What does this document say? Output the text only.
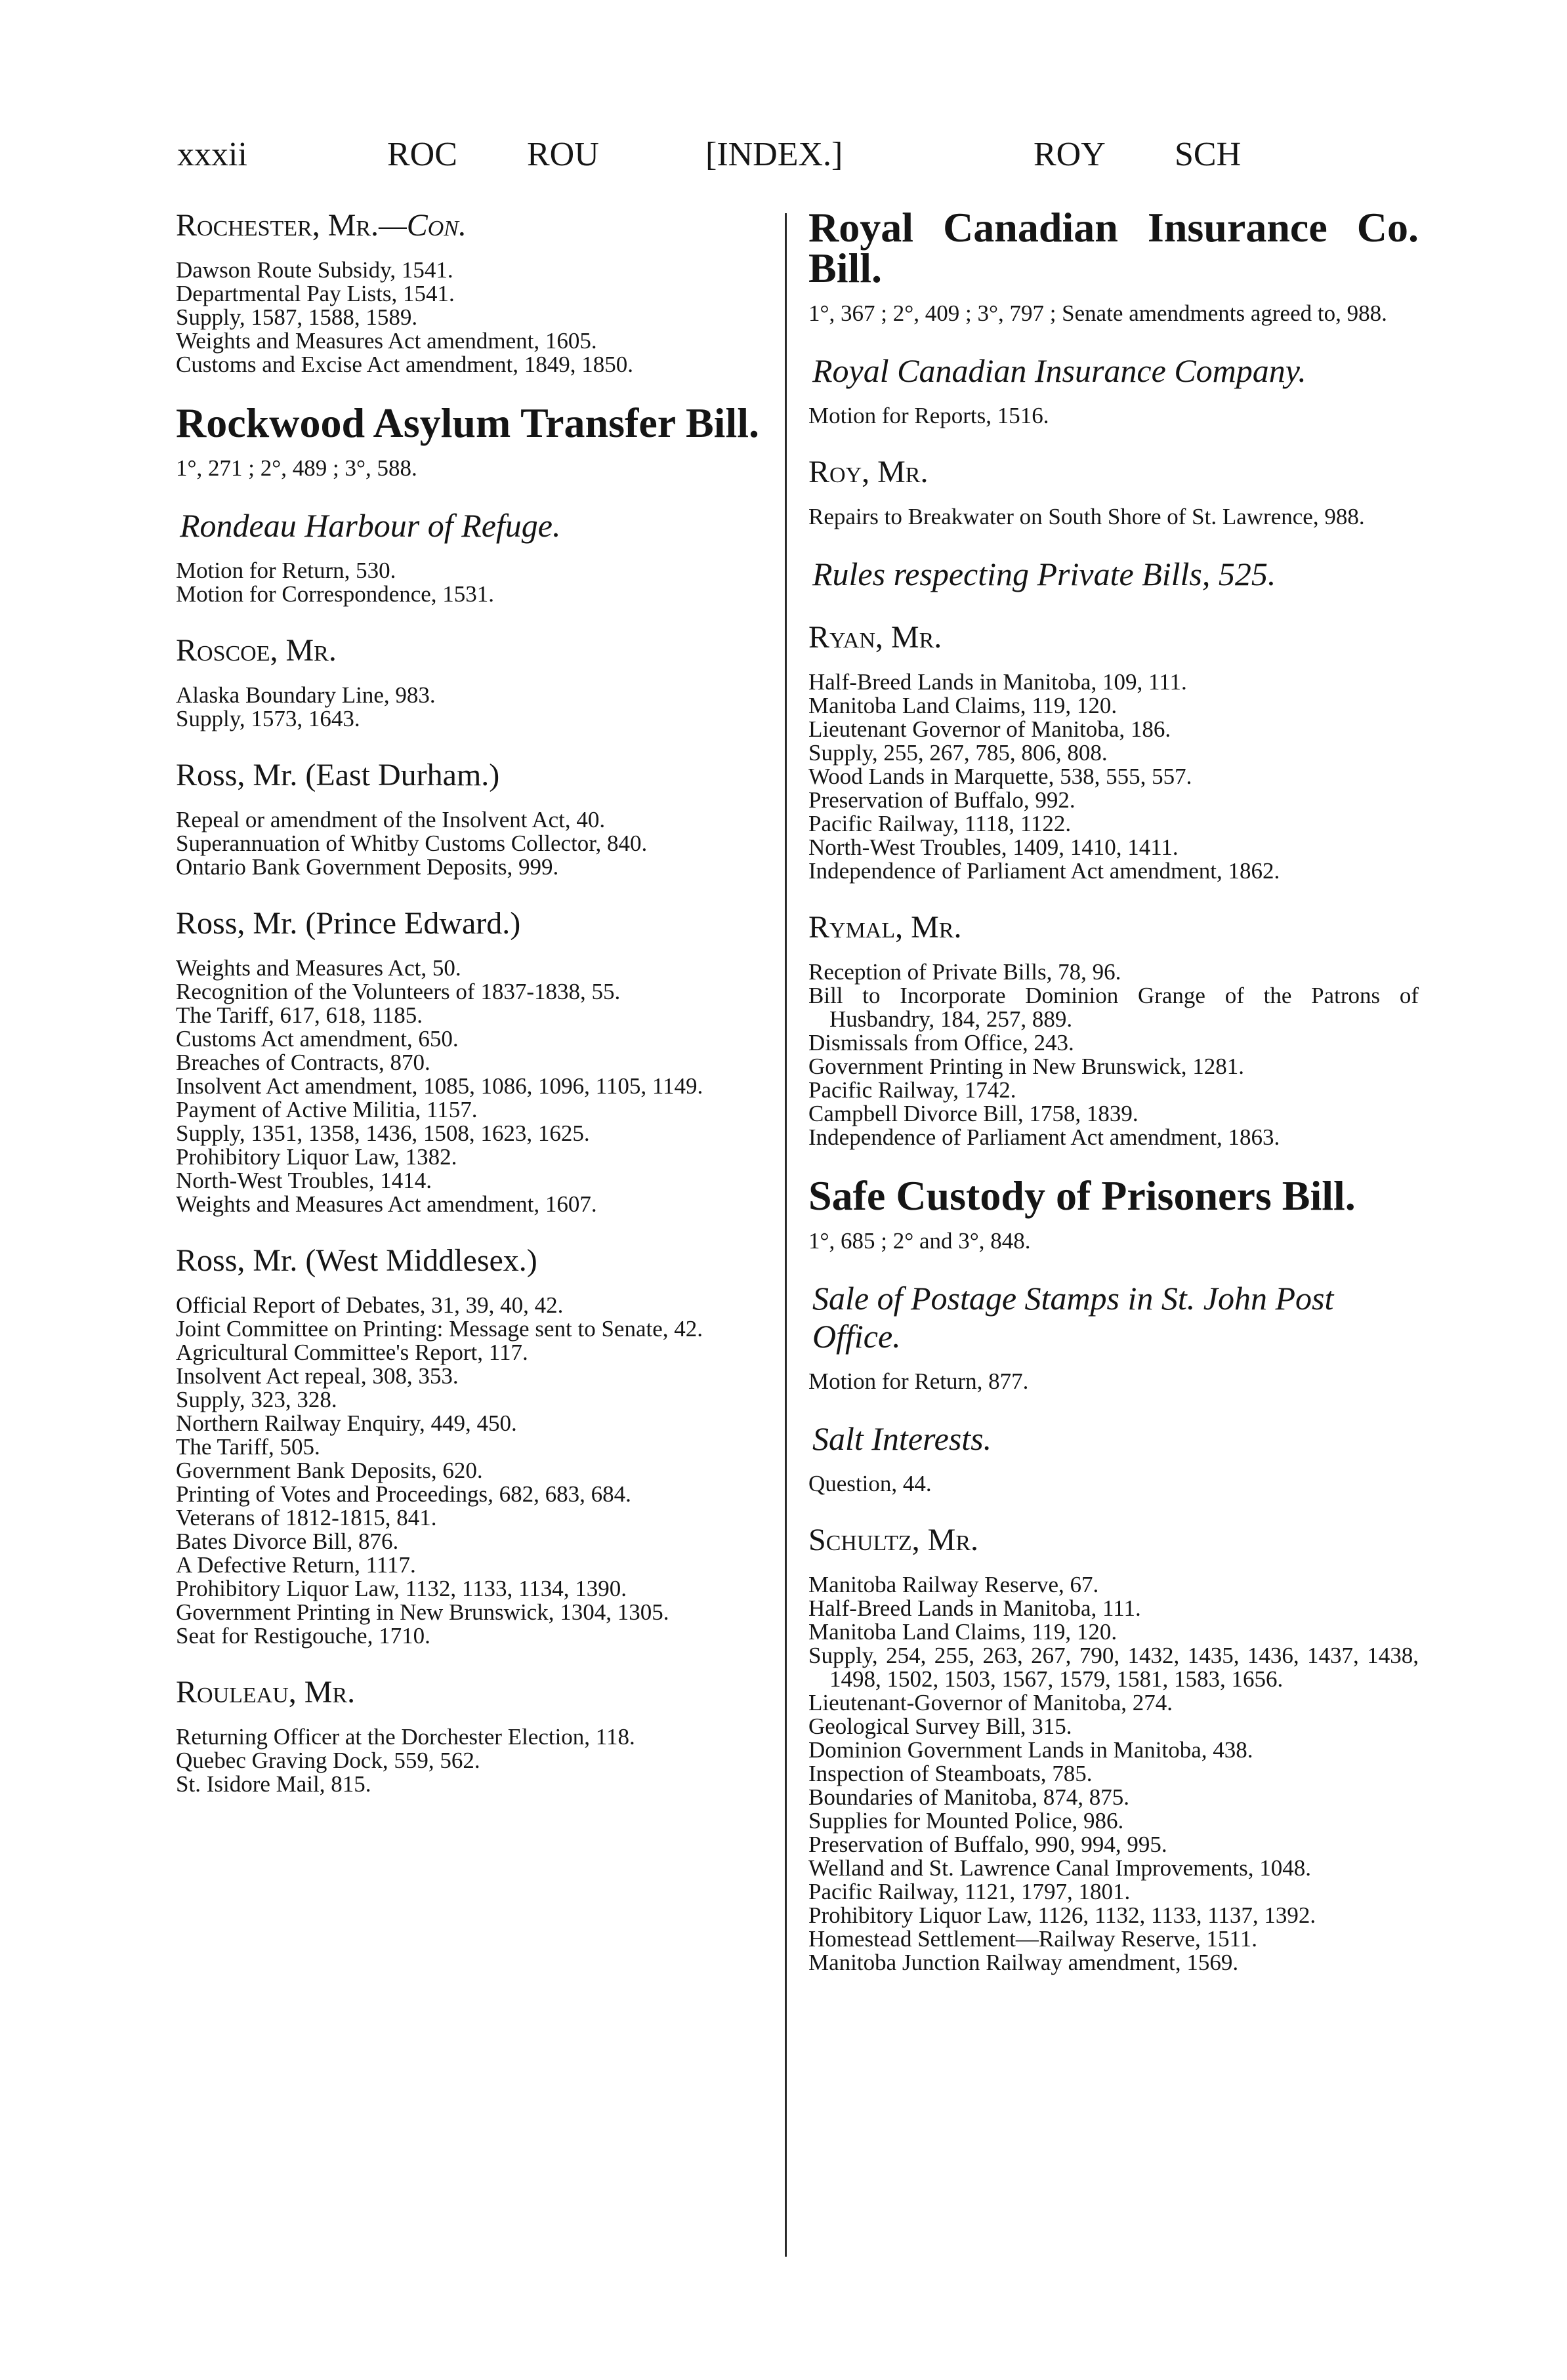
xxxii	ROC ROU	[INDEX.]	ROY SCH
Rochester, Mr.—Con.
Dawson Route Subsidy, 1541.
Departmental Pay Lists, 1541.
Supply, 1587, 1588, 1589.
Weights and Measures Act amendment, 1605.
Customs and Excise Act amendment, 1849, 1850.
Rockwood Asylum Transfer Bill.
1°, 271 ; 2°, 489 ; 3°, 588.
Rondeau Harbour of Refuge.
Motion for Return, 530.
Motion for Correspondence, 1531.
Roscoe, Mr.
Alaska Boundary Line, 983.
Supply, 1573, 1643.
Ross, Mr. (East Durham.)
Repeal or amendment of the Insolvent Act, 40.
Superannuation of Whitby Customs Collector, 840.
Ontario Bank Government Deposits, 999.
Ross, Mr. (Prince Edward.)
Weights and Measures Act, 50.
Recognition of the Volunteers of 1837-1838, 55.
The Tariff, 617, 618, 1185.
Customs Act amendment, 650.
Breaches of Contracts, 870.
Insolvent Act amendment, 1085, 1086, 1096, 1105, 1149.
Payment of Active Militia, 1157.
Supply, 1351, 1358, 1436, 1508, 1623, 1625.
Prohibitory Liquor Law, 1382.
North-West Troubles, 1414.
Weights and Measures Act amendment, 1607.
Ross, Mr. (West Middlesex.)
Official Report of Debates, 31, 39, 40, 42.
Joint Committee on Printing: Message sent to Senate, 42.
Agricultural Committee's Report, 117.
Insolvent Act repeal, 308, 353.
Supply, 323, 328.
Northern Railway Enquiry, 449, 450.
The Tariff, 505.
Government Bank Deposits, 620.
Printing of Votes and Proceedings, 682, 683, 684.
Veterans of 1812-1815, 841.
Bates Divorce Bill, 876.
A Defective Return, 1117.
Prohibitory Liquor Law, 1132, 1133, 1134, 1390.
Government Printing in New Brunswick, 1304, 1305.
Seat for Restigouche, 1710.
Rouleau, Mr.
Returning Officer at the Dorchester Election, 118.
Quebec Graving Dock, 559, 562.
St. Isidore Mail, 815.
Royal Canadian Insurance Co. Bill.
1°, 367 ; 2°, 409 ; 3°, 797 ; Senate amendments agreed to, 988.
Royal Canadian Insurance Company.
Motion for Reports, 1516.
Roy, Mr.
Repairs to Breakwater on South Shore of St. Lawrence, 988.
Rules respecting Private Bills, 525.
Ryan, Mr.
Half-Breed Lands in Manitoba, 109, 111.
Manitoba Land Claims, 119, 120.
Lieutenant Governor of Manitoba, 186.
Supply, 255, 267, 785, 806, 808.
Wood Lands in Marquette, 538, 555, 557.
Preservation of Buffalo, 992.
Pacific Railway, 1118, 1122.
North-West Troubles, 1409, 1410, 1411.
Independence of Parliament Act amendment, 1862.
Rymal, Mr.
Reception of Private Bills, 78, 96.
Bill to Incorporate Dominion Grange of the Patrons of Husbandry, 184, 257, 889.
Dismissals from Office, 243.
Government Printing in New Brunswick, 1281.
Pacific Railway, 1742.
Campbell Divorce Bill, 1758, 1839.
Independence of Parliament Act amendment, 1863.
Safe Custody of Prisoners Bill.
1°, 685 ; 2° and 3°, 848.
Sale of Postage Stamps in St. John Post Office.
Motion for Return, 877.
Salt Interests.
Question, 44.
Schultz, Mr.
Manitoba Railway Reserve, 67.
Half-Breed Lands in Manitoba, 111.
Manitoba Land Claims, 119, 120.
Supply, 254, 255, 263, 267, 790, 1432, 1435, 1436, 1437, 1438, 1498, 1502, 1503, 1567, 1579, 1581, 1583, 1656.
Lieutenant-Governor of Manitoba, 274.
Geological Survey Bill, 315.
Dominion Government Lands in Manitoba, 438.
Inspection of Steamboats, 785.
Boundaries of Manitoba, 874, 875.
Supplies for Mounted Police, 986.
Preservation of Buffalo, 990, 994, 995.
Welland and St. Lawrence Canal Improvements, 1048.
Pacific Railway, 1121, 1797, 1801.
Prohibitory Liquor Law, 1126, 1132, 1133, 1137, 1392.
Homestead Settlement—Railway Reserve, 1511.
Manitoba Junction Railway amendment, 1569.
